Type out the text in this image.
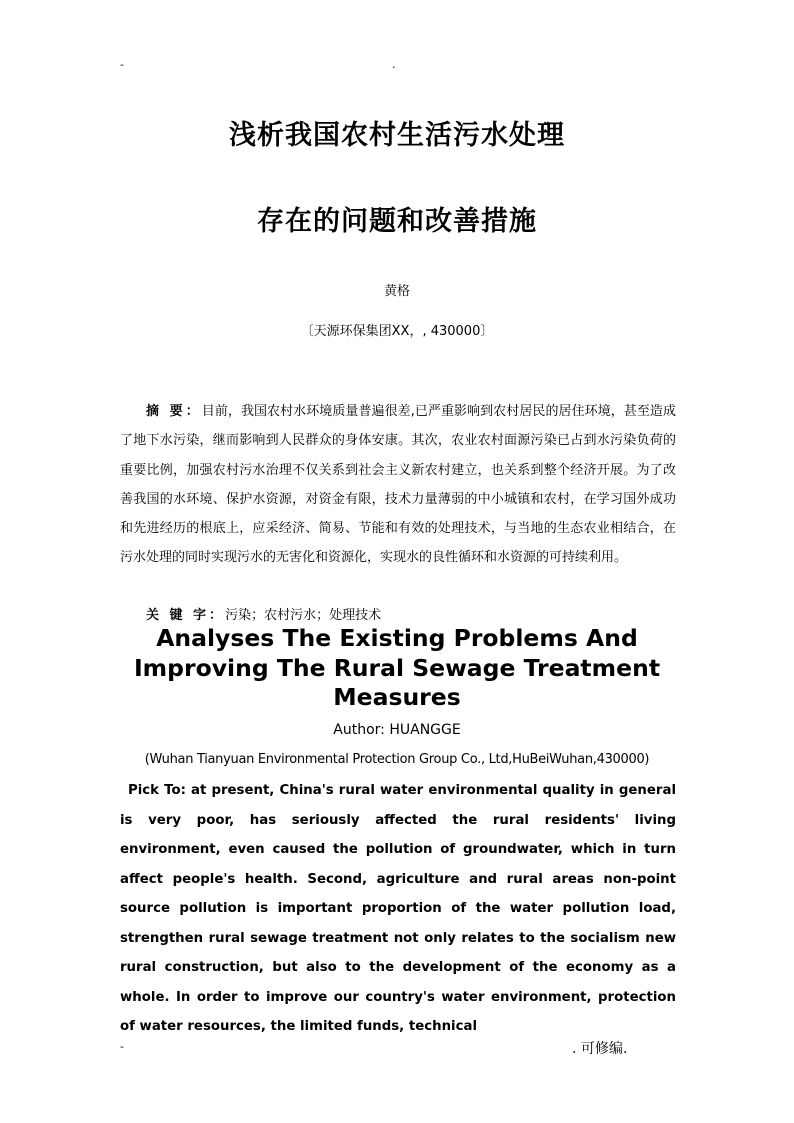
-	.
浅析我国农村生活污水处理
存在的问题和改善措施
黄格
〔天源环保集团XX，, 430000〕

摘 要：目前，我国农村水环境质量普遍很差,已严重影响到农村居民的居住环境，甚至造成了地下水污染，继而影响到人民群众的身体安康。其次，农业农村面源污染已占到水污染负荷的重要比例，加强农村污水治理不仅关系到社会主义新农村建立，也关系到整个经济开展。为了改善我国的水环境、保护水资源，对资金有限，技术力量薄弱的中小城镇和农村，在学习国外成功和先进经历的根底上，应采经济、简易、节能和有效的处理技术，与当地的生态农业相结合，在污水处理的同时实现污水的无害化和资源化，实现水的良性循环和水资源的可持续利用。

关 键 字：污染；农村污水；处理技术
Analyses The Existing Problems And Improving The Rural Sewage Treatment Measures
Author: HUANGGE
(Wuhan Tianyuan Environmental Protection Group Co., Ltd,HuBeiWuhan,430000)

Pick To: at present, China's rural water environmental quality in general is very poor, has seriously affected the rural residents' living environment, even caused the pollution of groundwater, which in turn affect people's health. Second, agriculture and rural areas non-point source pollution is important proportion of the water pollution load, strengthen rural sewage treatment not only relates to the socialism new rural construction, but also to the development of the economy as a whole. In order to improve our country's water environment, protection of water resources, the limited funds, technical

-	. 可修编.
